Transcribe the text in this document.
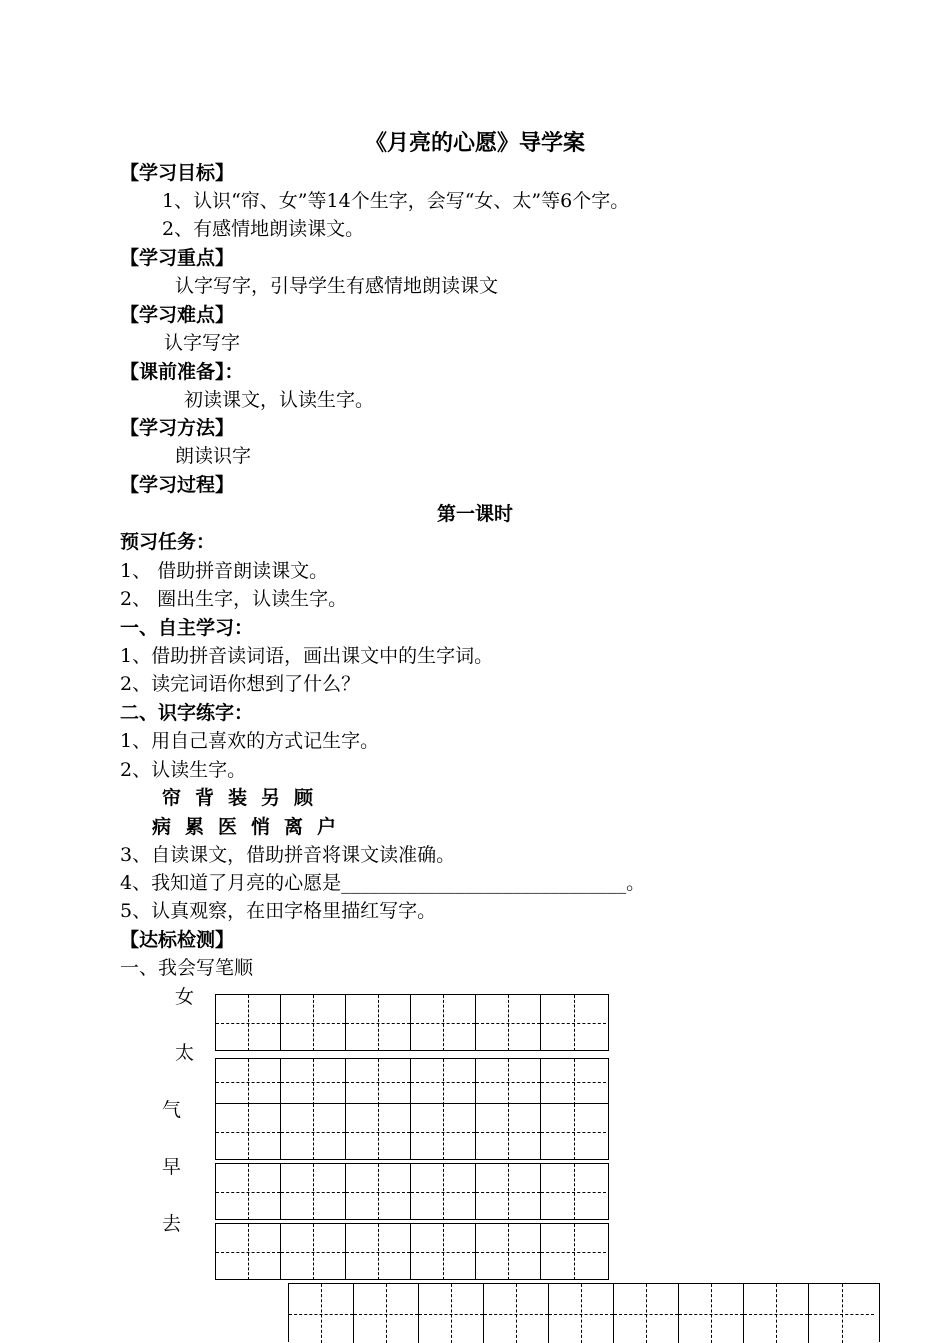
《月亮的心愿》导学案
【学习目标】
1、认识“帘、女”等14个生字，会写“女、太”等6个字。
2、有感情地朗读课文。
【学习重点】
认字写字，引导学生有感情地朗读课文
【学习难点】
认字写字
【课前准备】：
初读课文，认读生字。
【学习方法】
朗读识字
【学习过程】
第一课时
预习任务：
1、 借助拼音朗读课文。
2、 圈出生字，认读生字。
一、自主学习：
1、借助拼音读词语，画出课文中的生字词。
2、读完词语你想到了什么？
二、识字练字：
1、用自己喜欢的方式记生字。
2、认读生字。
帘背装另顾
病累医悄离户
3、自读课文，借助拼音将课文读准确。
4、我知道了月亮的心愿是______________________________。
5、认真观察，在田字格里描红写字。
【达标检测】
一、我会写笔顺
女
太
气
早
去
